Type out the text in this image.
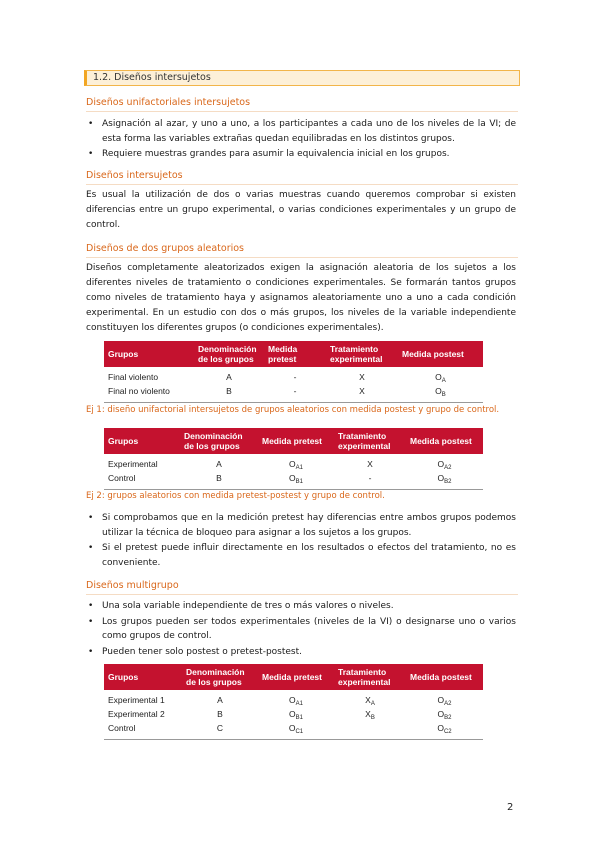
1.2. Diseños intersujetos
Diseños unifactoriales intersujetos
• Asignación al azar, y uno a uno, a los participantes a cada uno de los niveles de la VI; de esta forma las variables extrañas quedan equilibradas en los distintos grupos.
• Requiere muestras grandes para asumir la equivalencia inicial en los grupos.
Diseños intersujetos
Es usual la utilización de dos o varias muestras cuando queremos comprobar si existen diferencias entre un grupo experimental, o varias condiciones experimentales y un grupo de control.
Diseños de dos grupos aleatorios
Diseños completamente aleatorizados exigen la asignación aleatoria de los sujetos a los diferentes niveles de tratamiento o condiciones experimentales. Se formarán tantos grupos como niveles de tratamiento haya y asignamos aleatoriamente uno a uno a cada condición experimental. En un estudio con dos o más grupos, los niveles de la variable independiente constituyen los diferentes grupos (o condiciones experimentales).
Grupos	Denominación de los grupos	Medida pretest	Tratamiento experimental	Medida postest
Final violento	A	-	X	$O_A$
Final no violento	B	-	X	$O_B$
Ej 1: diseño unifactorial intersujetos de grupos aleatorios con medida postest y grupo de control.
Grupos	Denominación de los grupos	Medida pretest	Tratamiento experimental	Medida postest
Experimental	A	$O_{A1}$	X	$O_{A2}$
Control	B	$O_{B1}$	-	$O_{B2}$
Ej 2: grupos aleatorios con medida pretest-postest y grupo de control.
• Si comprobamos que en la medición pretest hay diferencias entre ambos grupos podemos utilizar la técnica de bloqueo para asignar a los sujetos a los grupos.
• Si el pretest puede influir directamente en los resultados o efectos del tratamiento, no es conveniente.
Diseños multigrupo
• Una sola variable independiente de tres o más valores o niveles.
• Los grupos pueden ser todos experimentales (niveles de la VI) o designarse uno o varios como grupos de control.
• Pueden tener solo postest o pretest-postest.
Grupos	Denominación de los grupos	Medida pretest	Tratamiento experimental	Medida postest
Experimental 1	A	$O_{A1}$	$X_A$	$O_{A2}$
Experimental 2	B	$O_{B1}$	$X_B$	$O_{B2}$
Control	C	$O_{C1}$		$O_{C2}$
2
